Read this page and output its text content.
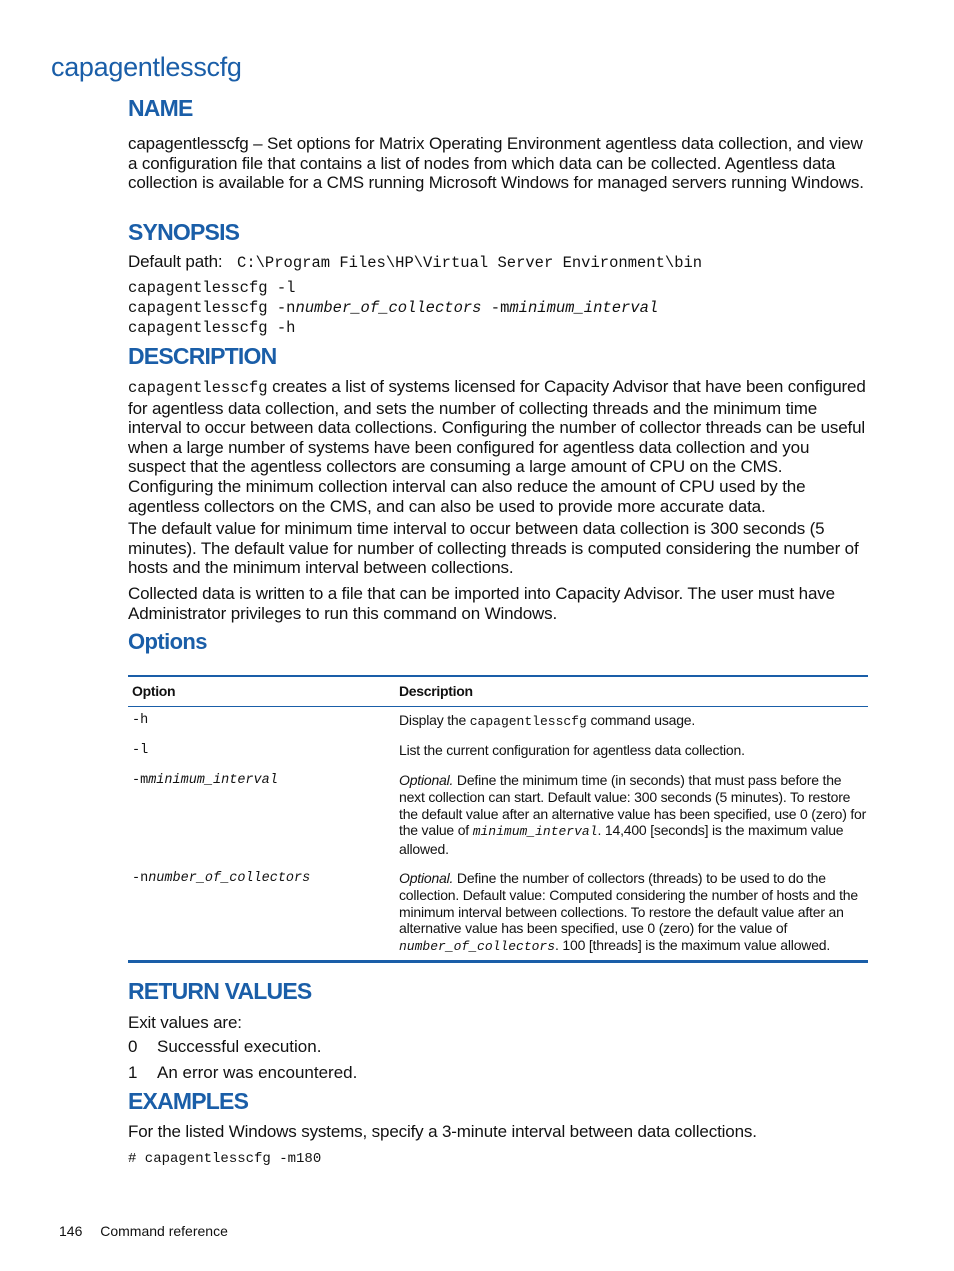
capagentlesscfg
NAME

capagentlesscfg – Set options for Matrix Operating Environment agentless data collection, and view a configuration file that contains a list of nodes from which data can be collected. Agentless data collection is available for a CMS running Microsoft Windows for managed servers running Windows.

SYNOPSIS
Default path: C:\Program Files\HP\Virtual Server Environment\bin
capagentlesscfg -l
capagentlesscfg -nnumber_of_collectors -mminimum_interval
capagentlesscfg -h
DESCRIPTION

capagentlesscfg creates a list of systems licensed for Capacity Advisor that have been configured for agentless data collection, and sets the number of collecting threads and the minimum time interval to occur between data collections. Configuring the number of collector threads can be useful when a large number of systems have been configured for agentless data collection and you suspect that the agentless collectors are consuming a large amount of CPU on the CMS. Configuring the minimum collection interval can also reduce the amount of CPU used by the agentless collectors on the CMS, and can also be used to provide more accurate data.

The default value for minimum time interval to occur between data collection is 300 seconds (5 minutes). The default value for number of collecting threads is computed considering the number of hosts and the minimum interval between collections.

Collected data is written to a file that can be imported into Capacity Advisor. The user must have Administrator privileges to run this command on Windows.

Options
Option	Description
-h	Display the capagentlesscfg command usage.
-l	List the current configuration for agentless data collection.
-mminimum_interval	Optional. Define the minimum time (in seconds) that must pass before the next collection can start. Default value: 300 seconds (5 minutes). To restore the default value after an alternative value has been specified, use 0 (zero) for the value of minimum_interval. 14,400 [seconds] is the maximum value allowed.
-nnumber_of_collectors	Optional. Define the number of collectors (threads) to be used to do the collection. Default value: Computed considering the number of hosts and the minimum interval between collections. To restore the default value after an alternative value has been specified, use 0 (zero) for the value of number_of_collectors. 100 [threads] is the maximum value allowed.
RETURN VALUES
Exit values are:
0 Successful execution.
1 An error was encountered.
EXAMPLES
For the listed Windows systems, specify a 3-minute interval between data collections.
# capagentlesscfg -m180
146 Command reference
